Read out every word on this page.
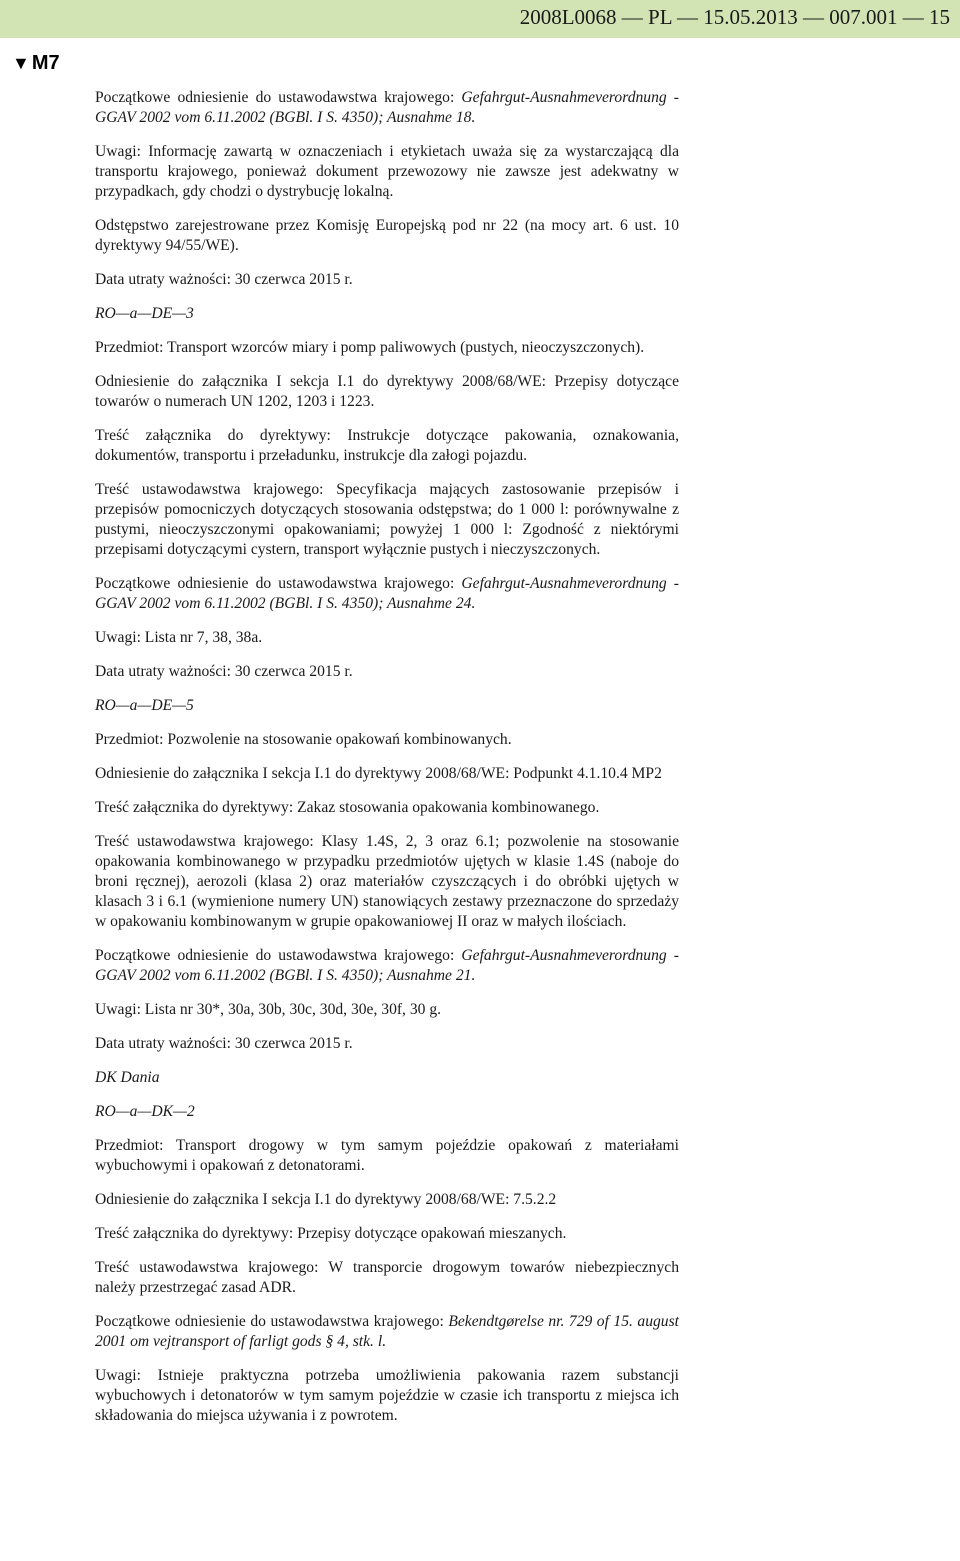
2008L0068 — PL — 15.05.2013 — 007.001 — 15
▼ M7

Początkowe odniesienie do ustawodawstwa krajowego: Gefahrgut-Ausnahmeverordnung - GGAV 2002 vom 6.11.2002 (BGBl. I S. 4350); Ausnahme 18.

Uwagi: Informację zawartą w oznaczeniach i etykietach uważa się za wystarczającą dla transportu krajowego, ponieważ dokument przewozowy nie zawsze jest adekwatny w przypadkach, gdy chodzi o dystrybucję lokalną.

Odstępstwo zarejestrowane przez Komisję Europejską pod nr 22 (na mocy art. 6 ust. 10 dyrektywy 94/55/WE).

Data utraty ważności: 30 czerwca 2015 r.

RO—a—DE—3

Przedmiot: Transport wzorców miary i pomp paliwowych (pustych, nieoczyszczonych).

Odniesienie do załącznika I sekcja I.1 do dyrektywy 2008/68/WE: Przepisy dotyczące towarów o numerach UN 1202, 1203 i 1223.

Treść załącznika do dyrektywy: Instrukcje dotyczące pakowania, oznakowania, dokumentów, transportu i przeładunku, instrukcje dla załogi pojazdu.

Treść ustawodawstwa krajowego: Specyfikacja mających zastosowanie przepisów i przepisów pomocniczych dotyczących stosowania odstępstwa; do 1 000 l: porównywalne z pustymi, nieoczyszczonymi opakowaniami; powyżej 1 000 l: Zgodność z niektórymi przepisami dotyczącymi cystern, transport wyłącznie pustych i nieczyszczonych.

Początkowe odniesienie do ustawodawstwa krajowego: Gefahrgut-Ausnahmeverordnung - GGAV 2002 vom 6.11.2002 (BGBl. I S. 4350); Ausnahme 24.

Uwagi: Lista nr 7, 38, 38a.

Data utraty ważności: 30 czerwca 2015 r.

RO—a—DE—5

Przedmiot: Pozwolenie na stosowanie opakowań kombinowanych.

Odniesienie do załącznika I sekcja I.1 do dyrektywy 2008/68/WE: Podpunkt 4.1.10.4 MP2

Treść załącznika do dyrektywy: Zakaz stosowania opakowania kombinowanego.

Treść ustawodawstwa krajowego: Klasy 1.4S, 2, 3 oraz 6.1; pozwolenie na stosowanie opakowania kombinowanego w przypadku przedmiotów ujętych w klasie 1.4S (naboje do broni ręcznej), aerozoli (klasa 2) oraz materiałów czyszczących i do obróbki ujętych w klasach 3 i 6.1 (wymienione numery UN) stanowiących zestawy przeznaczone do sprzedaży w opakowaniu kombinowanym w grupie opakowaniowej II oraz w małych ilościach.

Początkowe odniesienie do ustawodawstwa krajowego: Gefahrgut-Ausnahmeverordnung - GGAV 2002 vom 6.11.2002 (BGBl. I S. 4350); Ausnahme 21.

Uwagi: Lista nr 30*, 30a, 30b, 30c, 30d, 30e, 30f, 30 g.

Data utraty ważności: 30 czerwca 2015 r.

DK Dania

RO—a—DK—2

Przedmiot: Transport drogowy w tym samym pojeździe opakowań z materiałami wybuchowymi i opakowań z detonatorami.

Odniesienie do załącznika I sekcja I.1 do dyrektywy 2008/68/WE: 7.5.2.2

Treść załącznika do dyrektywy: Przepisy dotyczące opakowań mieszanych.

Treść ustawodawstwa krajowego: W transporcie drogowym towarów niebezpiecznych należy przestrzegać zasad ADR.

Początkowe odniesienie do ustawodawstwa krajowego: Bekendtgørelse nr. 729 of 15. august 2001 om vejtransport of farligt gods § 4, stk. l.

Uwagi: Istnieje praktyczna potrzeba umożliwienia pakowania razem substancji wybuchowych i detonatorów w tym samym pojeździe w czasie ich transportu z miejsca ich składowania do miejsca używania i z powrotem.
